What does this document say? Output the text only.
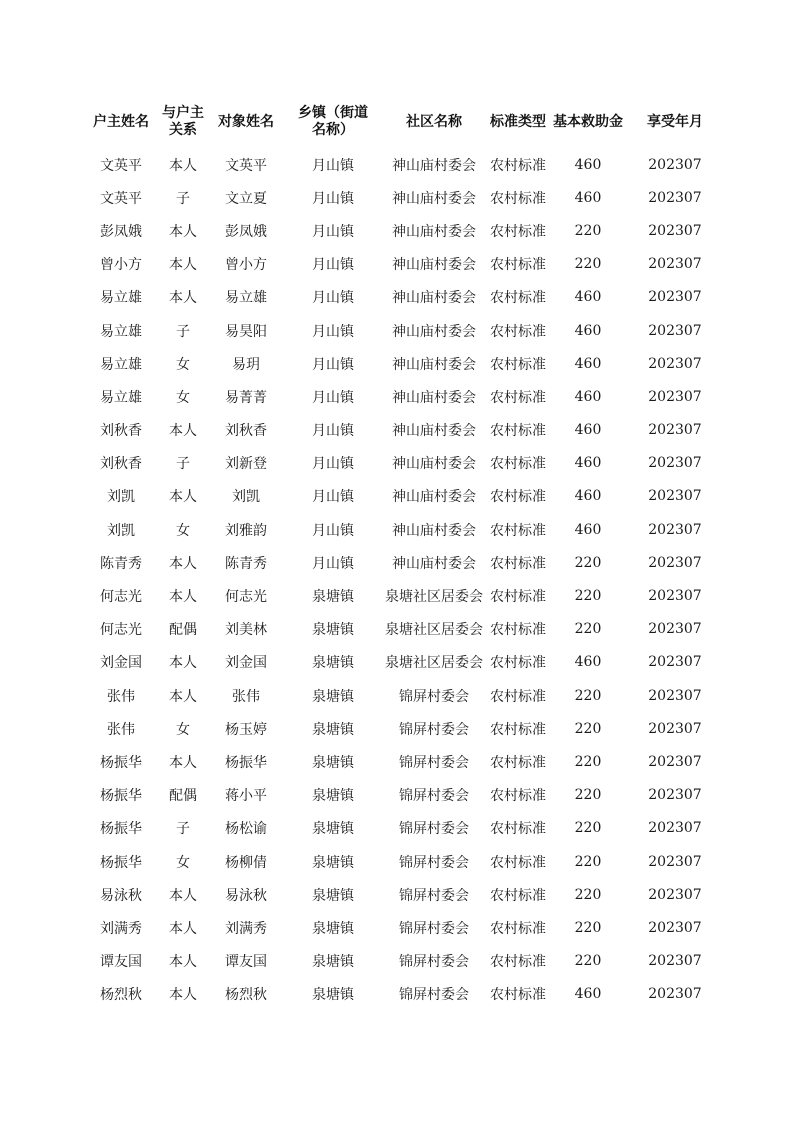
户主姓名	与户主关系	对象姓名	乡镇（街道名称）	社区名称	标准类型	基本救助金	享受年月
文英平	本人	文英平	月山镇	神山庙村委会	农村标准	460	202307
文英平	子	文立夏	月山镇	神山庙村委会	农村标准	460	202307
彭凤娥	本人	彭凤娥	月山镇	神山庙村委会	农村标准	220	202307
曾小方	本人	曾小方	月山镇	神山庙村委会	农村标准	220	202307
易立雄	本人	易立雄	月山镇	神山庙村委会	农村标准	460	202307
易立雄	子	易昊阳	月山镇	神山庙村委会	农村标准	460	202307
易立雄	女	易玥	月山镇	神山庙村委会	农村标准	460	202307
易立雄	女	易菁菁	月山镇	神山庙村委会	农村标准	460	202307
刘秋香	本人	刘秋香	月山镇	神山庙村委会	农村标准	460	202307
刘秋香	子	刘新登	月山镇	神山庙村委会	农村标准	460	202307
刘凯	本人	刘凯	月山镇	神山庙村委会	农村标准	460	202307
刘凯	女	刘雅韵	月山镇	神山庙村委会	农村标准	460	202307
陈青秀	本人	陈青秀	月山镇	神山庙村委会	农村标准	220	202307
何志光	本人	何志光	泉塘镇	泉塘社区居委会	农村标准	220	202307
何志光	配偶	刘美林	泉塘镇	泉塘社区居委会	农村标准	220	202307
刘金国	本人	刘金国	泉塘镇	泉塘社区居委会	农村标准	460	202307
张伟	本人	张伟	泉塘镇	锦屏村委会	农村标准	220	202307
张伟	女	杨玉婷	泉塘镇	锦屏村委会	农村标准	220	202307
杨振华	本人	杨振华	泉塘镇	锦屏村委会	农村标准	220	202307
杨振华	配偶	蒋小平	泉塘镇	锦屏村委会	农村标准	220	202307
杨振华	子	杨松谕	泉塘镇	锦屏村委会	农村标准	220	202307
杨振华	女	杨柳倩	泉塘镇	锦屏村委会	农村标准	220	202307
易泳秋	本人	易泳秋	泉塘镇	锦屏村委会	农村标准	220	202307
刘满秀	本人	刘满秀	泉塘镇	锦屏村委会	农村标准	220	202307
谭友国	本人	谭友国	泉塘镇	锦屏村委会	农村标准	220	202307
杨烈秋	本人	杨烈秋	泉塘镇	锦屏村委会	农村标准	460	202307
